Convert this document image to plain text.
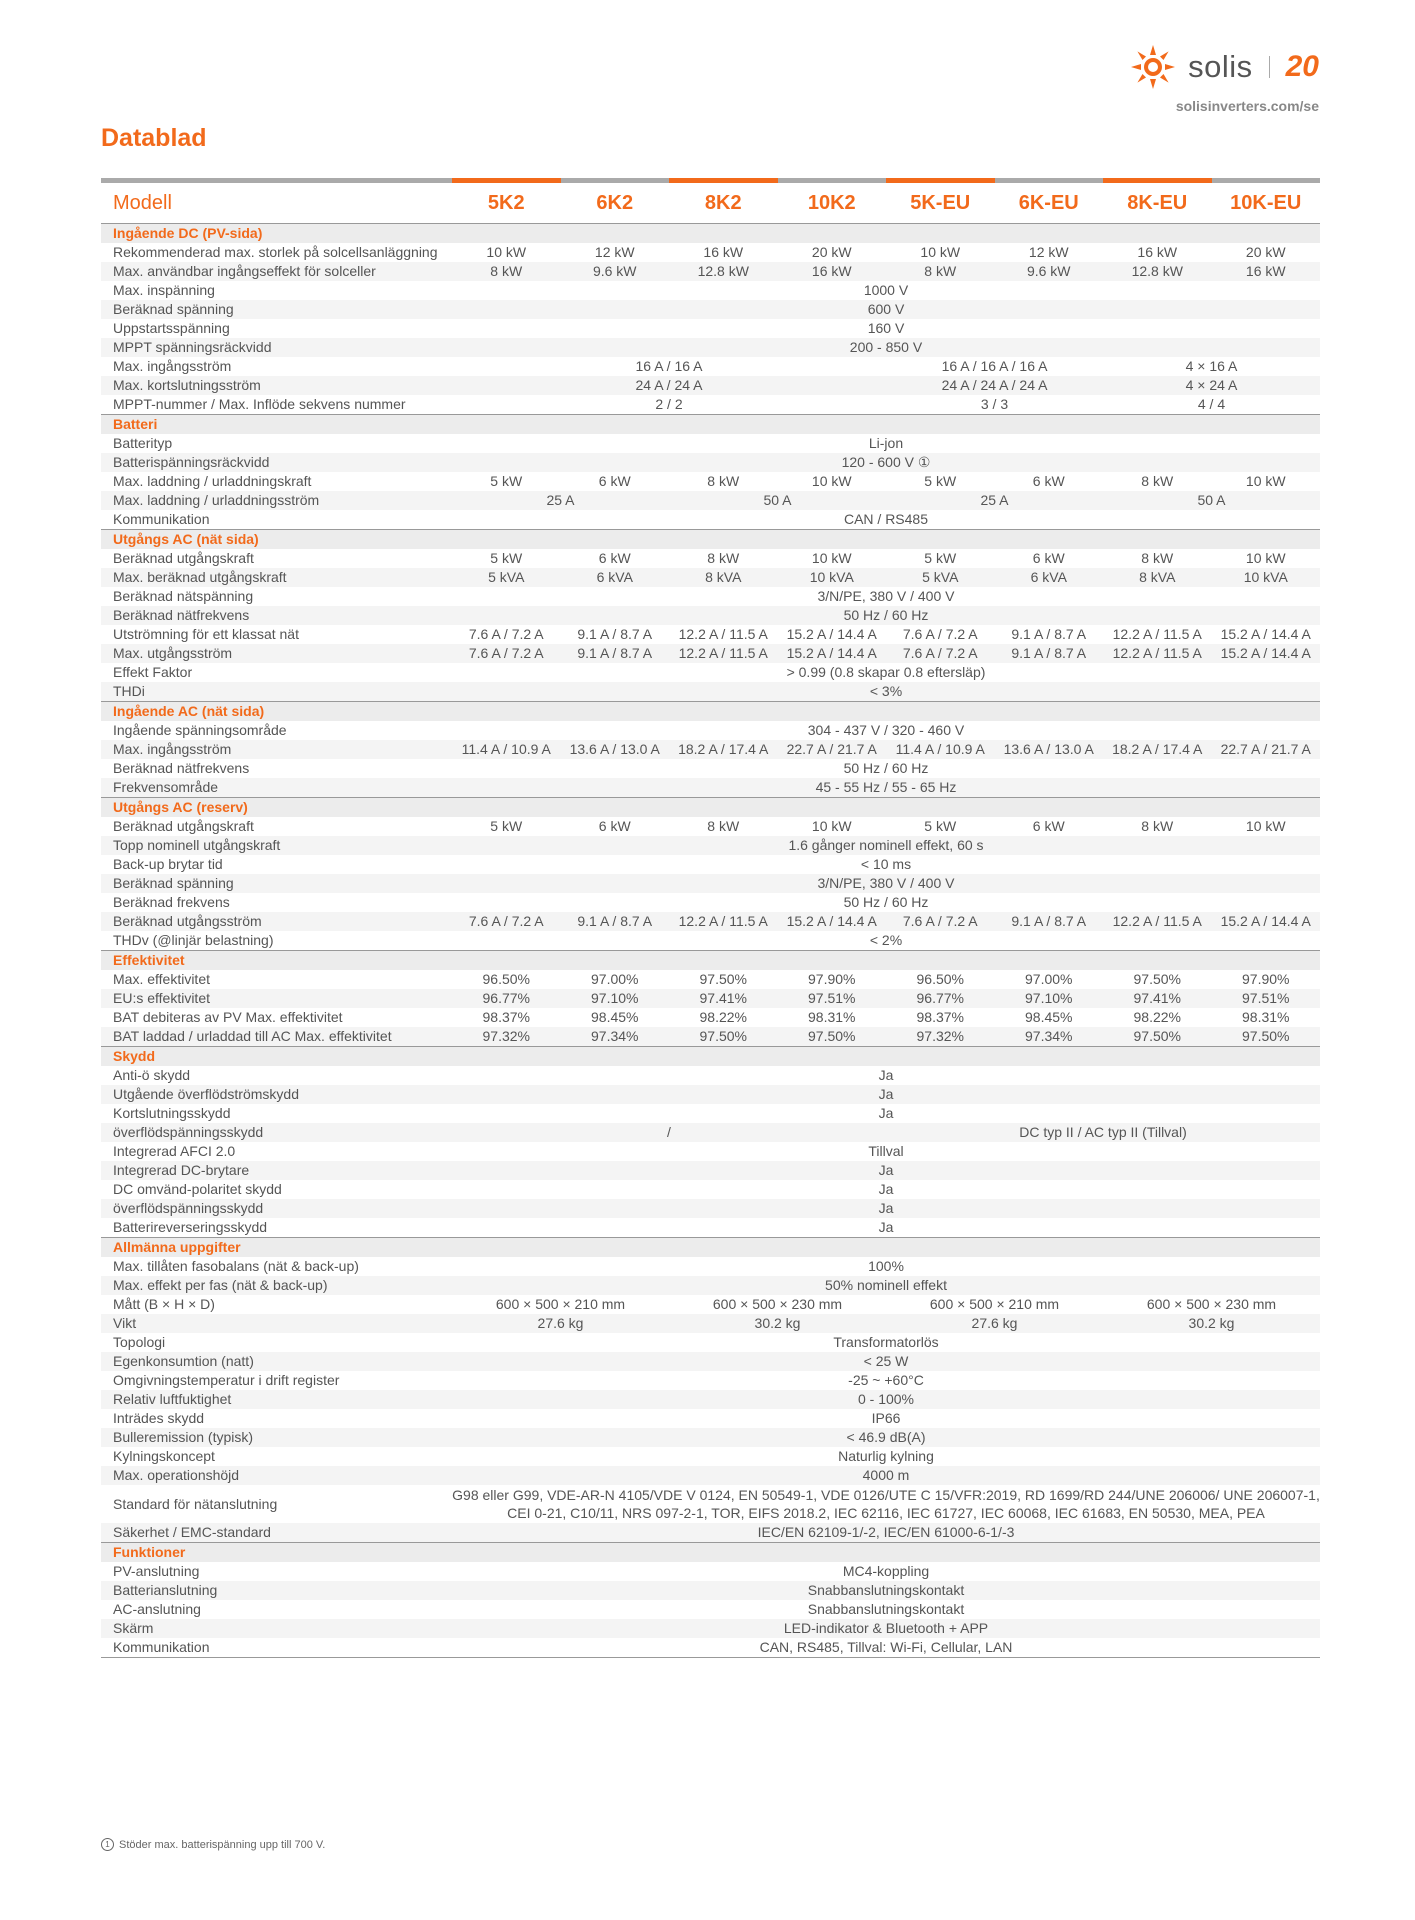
solis 20
solisinverters.com/se
Datablad
Modell	5K2	6K2	8K2	10K2	5K-EU	6K-EU	8K-EU	10K-EU
Ingående DC (PV-sida)								
Rekommenderad max. storlek på solcellsanläggning	10 kW	12 kW	16 kW	20 kW	10 kW	12 kW	16 kW	20 kW
Max. användbar ingångseffekt för solceller	8 kW	9.6 kW	12.8 kW	16 kW	8 kW	9.6 kW	12.8 kW	16 kW
Max. inspänning	1000 V							
Beräknad spänning	600 V							
Uppstartsspänning	160 V							
MPPT spänningsräckvidd	200 - 850 V							
Max. ingångsström	16 A / 16 A				16 A / 16 A / 16 A		4 × 16 A	
Max. kortslutningsström	24 A / 24 A				24 A / 24 A / 24 A		4 × 24 A	
MPPT-nummer / Max. Inflöde sekvens nummer	2 / 2				3 / 3		4 / 4	
Batteri								
Batterityp	Li-jon							
Batterispänningsräckvidd	120 - 600 V ①							
Max. laddning / urladdningskraft	5 kW	6 kW	8 kW	10 kW	5 kW	6 kW	8 kW	10 kW
Max. laddning / urladdningsström	25 A		50 A		25 A		50 A	
Kommunikation	CAN / RS485							
Utgångs AC (nät sida)								
Beräknad utgångskraft	5 kW	6 kW	8 kW	10 kW	5 kW	6 kW	8 kW	10 kW
Max. beräknad utgångskraft	5 kVA	6 kVA	8 kVA	10 kVA	5 kVA	6 kVA	8 kVA	10 kVA
Beräknad nätspänning	3/N/PE, 380 V / 400 V							
Beräknad nätfrekvens	50 Hz / 60 Hz							
Utströmning för ett klassat nät	7.6 A / 7.2 A	9.1 A / 8.7 A	12.2 A / 11.5 A	15.2 A / 14.4 A	7.6 A / 7.2 A	9.1 A / 8.7 A	12.2 A / 11.5 A	15.2 A / 14.4 A
Max. utgångsström	7.6 A / 7.2 A	9.1 A / 8.7 A	12.2 A / 11.5 A	15.2 A / 14.4 A	7.6 A / 7.2 A	9.1 A / 8.7 A	12.2 A / 11.5 A	15.2 A / 14.4 A
Effekt Faktor	> 0.99 (0.8 skapar 0.8 eftersläp)							
THDi	< 3%							
Ingående AC (nät sida)								
Ingående spänningsområde	304 - 437 V / 320 - 460 V							
Max. ingångsström	11.4 A / 10.9 A	13.6 A / 13.0 A	18.2 A / 17.4 A	22.7 A / 21.7 A	11.4 A / 10.9 A	13.6 A / 13.0 A	18.2 A / 17.4 A	22.7 A / 21.7 A
Beräknad nätfrekvens	50 Hz / 60 Hz							
Frekvensområde	45 - 55 Hz / 55 - 65 Hz							
Utgångs AC (reserv)								
Beräknad utgångskraft	5 kW	6 kW	8 kW	10 kW	5 kW	6 kW	8 kW	10 kW
Topp nominell utgångskraft	1.6 gånger nominell effekt, 60 s							
Back-up brytar tid	< 10 ms							
Beräknad spänning	3/N/PE, 380 V / 400 V							
Beräknad frekvens	50 Hz / 60 Hz							
Beräknad utgångsström	7.6 A / 7.2 A	9.1 A / 8.7 A	12.2 A / 11.5 A	15.2 A / 14.4 A	7.6 A / 7.2 A	9.1 A / 8.7 A	12.2 A / 11.5 A	15.2 A / 14.4 A
THDv (@linjär belastning)	< 2%							
Effektivitet								
Max. effektivitet	96.50%	97.00%	97.50%	97.90%	96.50%	97.00%	97.50%	97.90%
EU:s effektivitet	96.77%	97.10%	97.41%	97.51%	96.77%	97.10%	97.41%	97.51%
BAT debiteras av PV Max. effektivitet	98.37%	98.45%	98.22%	98.31%	98.37%	98.45%	98.22%	98.31%
BAT laddad / urladdad till AC Max. effektivitet	97.32%	97.34%	97.50%	97.50%	97.32%	97.34%	97.50%	97.50%
Skydd								
Anti-ö skydd	Ja							
Utgående överflödströmskydd	Ja							
Kortslutningsskydd	Ja							
överflödspänningsskydd	/				DC typ II / AC typ II (Tillval)			
Integrerad AFCI 2.0	Tillval							
Integrerad DC-brytare	Ja							
DC omvänd-polaritet skydd	Ja							
överflödspänningsskydd	Ja							
Batterireverseringsskydd	Ja							
Allmänna uppgifter								
Max. tillåten fasobalans (nät & back-up)	100%							
Max. effekt per fas (nät & back-up)	50% nominell effekt							
Mått (B × H × D)	600 × 500 × 210 mm		600 × 500 × 230 mm		600 × 500 × 210 mm		600 × 500 × 230 mm	
Vikt	27.6 kg		30.2 kg		27.6 kg		30.2 kg	
Topologi	Transformatorlös							
Egenkonsumtion (natt)	< 25 W							
Omgivningstemperatur i drift register	-25 ~ +60°C							
Relativ luftfuktighet	0 - 100%							
Inträdes skydd	IP66							
Bulleremission (typisk)	< 46.9 dB(A)							
Kylningskoncept	Naturlig kylning							
Max. operationshöjd	4000 m							
Standard för nätanslutning	G98 eller G99, VDE-AR-N 4105/VDE V 0124, EN 50549-1, VDE 0126/UTE C 15/VFR:2019, RD 1699/RD 244/UNE 206006/ UNE 206007-1, CEI 0-21, C10/11, NRS 097-2-1, TOR, EIFS 2018.2, IEC 62116, IEC 61727, IEC 60068, IEC 61683, EN 50530, MEA, PEA							
Säkerhet / EMC-standard	IEC/EN 62109-1/-2, IEC/EN 61000-6-1/-3							
Funktioner								
PV-anslutning	MC4-koppling							
Batterianslutning	Snabbanslutningskontakt							
AC-anslutning	Snabbanslutningskontakt							
Skärm	LED-indikator & Bluetooth + APP							
Kommunikation	CAN, RS485, Tillval: Wi-Fi, Cellular, LAN							
1 Stöder max. batterispänning upp till 700 V.
